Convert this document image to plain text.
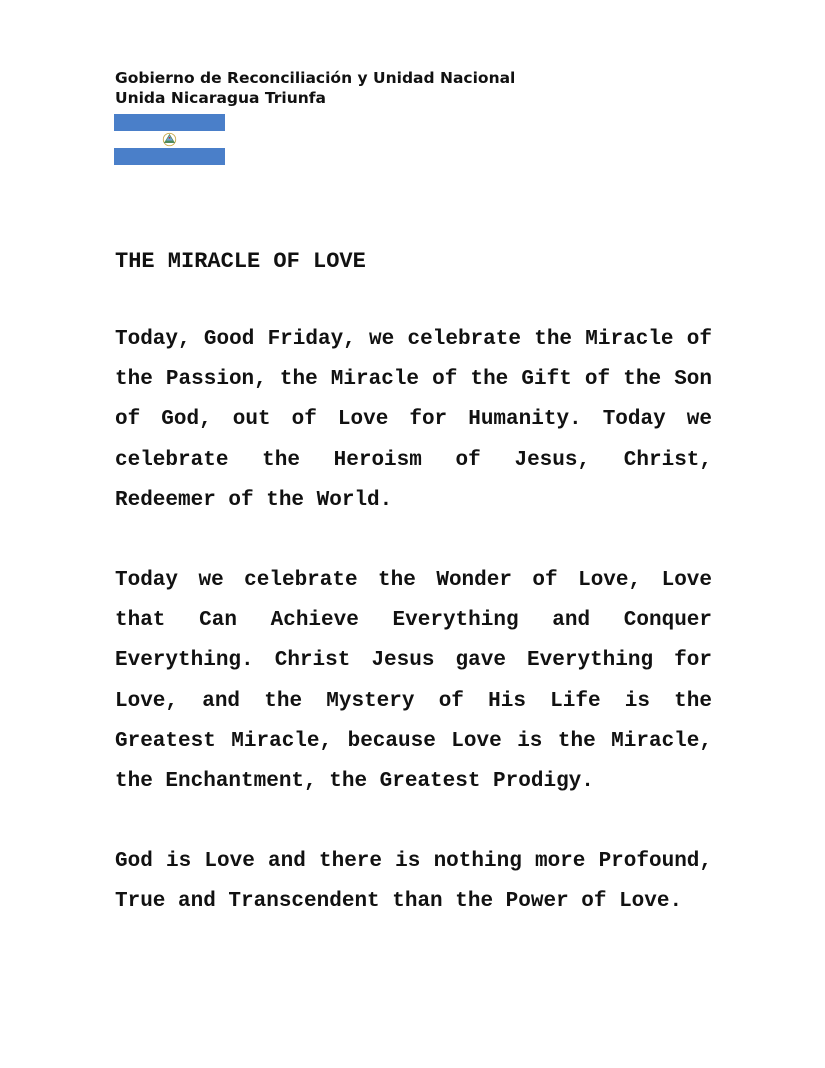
Gobierno de Reconciliación y Unidad Nacional
Unida Nicaragua Triunfa
THE MIRACLE OF LOVE

Today, Good Friday, we celebrate the Miracle of the Passion, the Miracle of the Gift of the Son of God, out of Love for Humanity. Today we celebrate the Heroism of Jesus, Christ, Redeemer of the World.

Today we celebrate the Wonder of Love, Love that Can Achieve Everything and Conquer Everything. Christ Jesus gave Everything for Love, and the Mystery of His Life is the Greatest Miracle, because Love is the Miracle, the Enchantment, the Greatest Prodigy.

God is Love and there is nothing more Profound, True and Transcendent than the Power of Love.
